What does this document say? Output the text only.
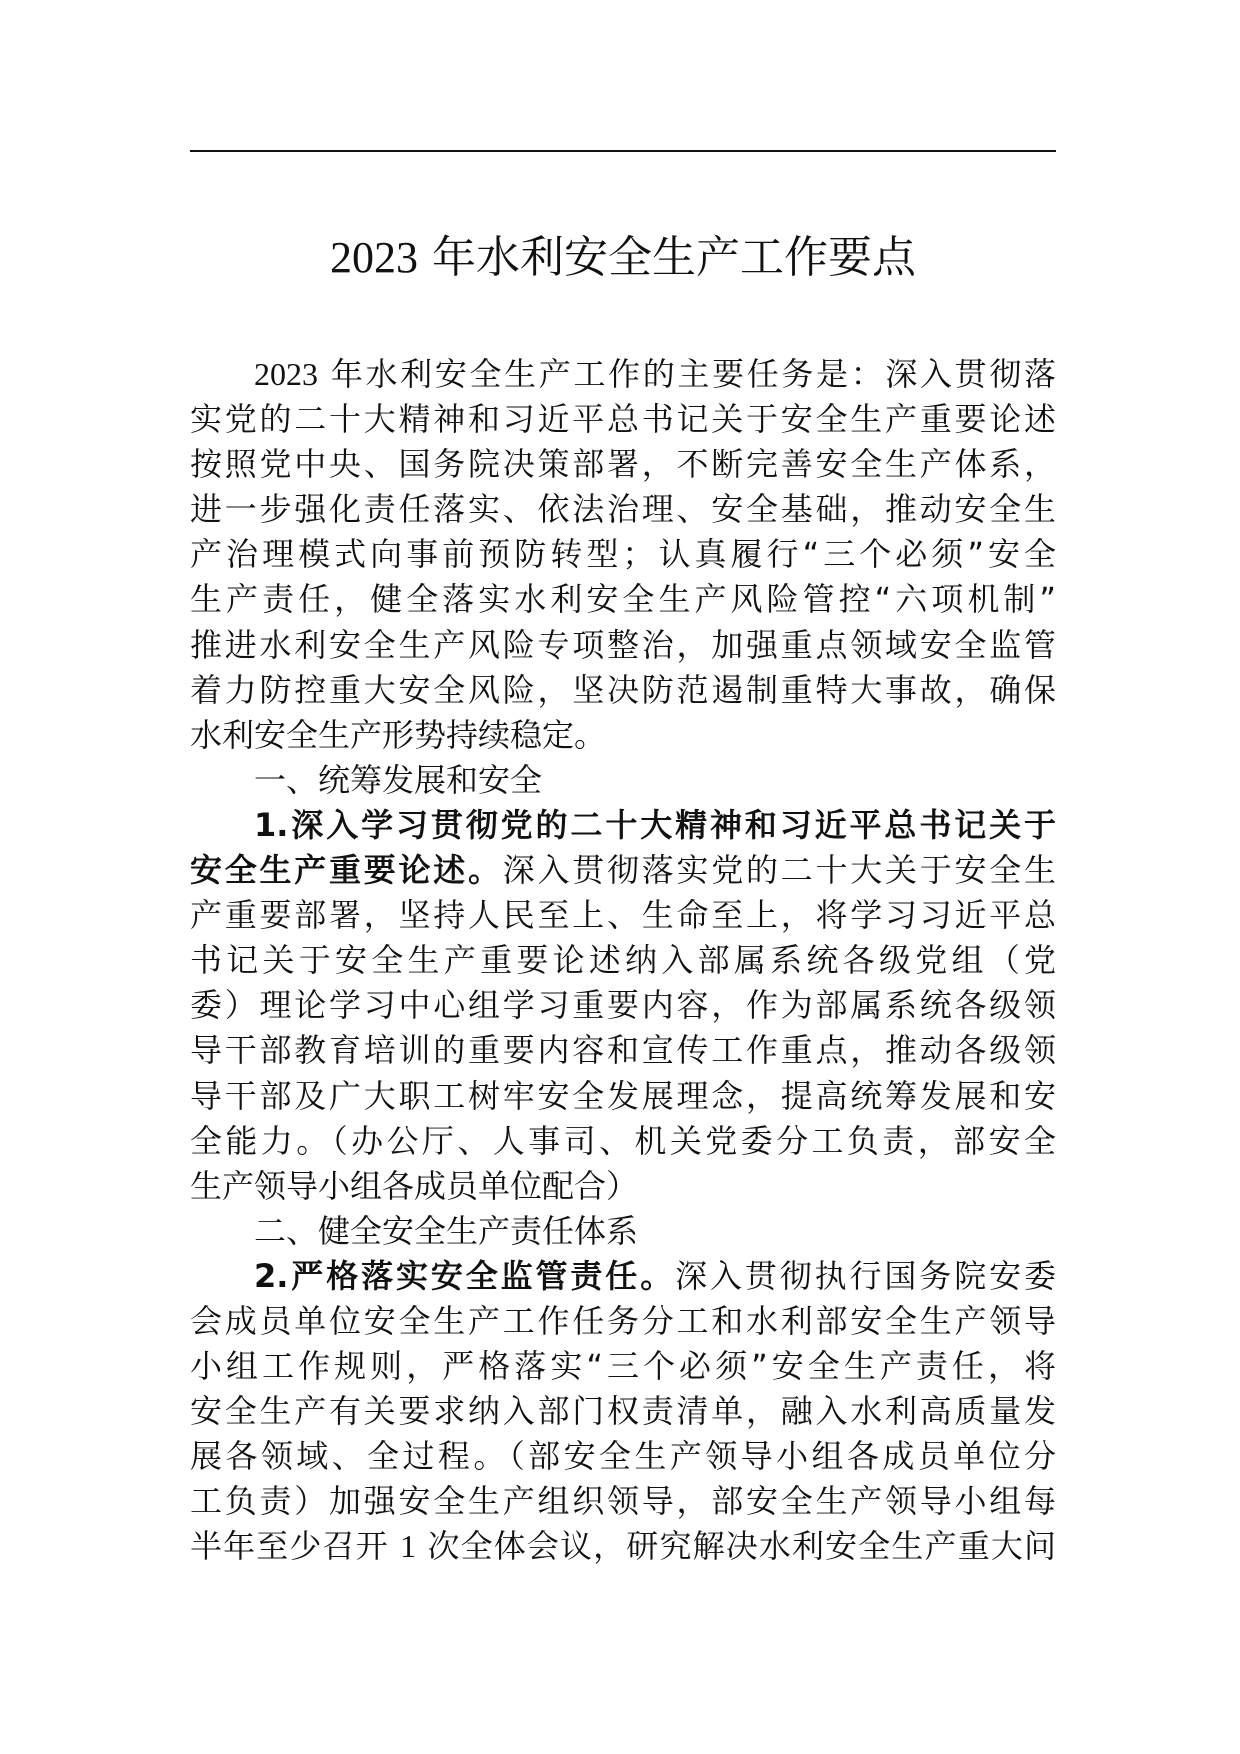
2023 年水利安全生产工作要点
2023 年水利安全生产工作的主要任务是：深入贯彻落
实党的二十大精神和习近平总书记关于安全生产重要论述
按照党中央、国务院决策部署，不断完善安全生产体系，
进一步强化责任落实、依法治理、安全基础，推动安全生
产治理模式向事前预防转型；认真履行“三个必须”安全
生产责任，健全落实水利安全生产风险管控“六项机制”
推进水利安全生产风险专项整治，加强重点领域安全监管
着力防控重大安全风险，坚决防范遏制重特大事故，确保
水利安全生产形势持续稳定。
一、统筹发展和安全
1.深入学习贯彻党的二十大精神和习近平总书记关于
安全生产重要论述。深入贯彻落实党的二十大关于安全生
产重要部署，坚持人民至上、生命至上，将学习习近平总
书记关于安全生产重要论述纳入部属系统各级党组（党
委）理论学习中心组学习重要内容，作为部属系统各级领
导干部教育培训的重要内容和宣传工作重点，推动各级领
导干部及广大职工树牢安全发展理念，提高统筹发展和安
全能力。（办公厅、人事司、机关党委分工负责，部安全
生产领导小组各成员单位配合）
二、健全安全生产责任体系
2.严格落实安全监管责任。深入贯彻执行国务院安委
会成员单位安全生产工作任务分工和水利部安全生产领导
小组工作规则，严格落实“三个必须”安全生产责任，将
安全生产有关要求纳入部门权责清单，融入水利高质量发
展各领域、全过程。（部安全生产领导小组各成员单位分
工负责）加强安全生产组织领导，部安全生产领导小组每
半年至少召开 1 次全体会议，研究解决水利安全生产重大问
